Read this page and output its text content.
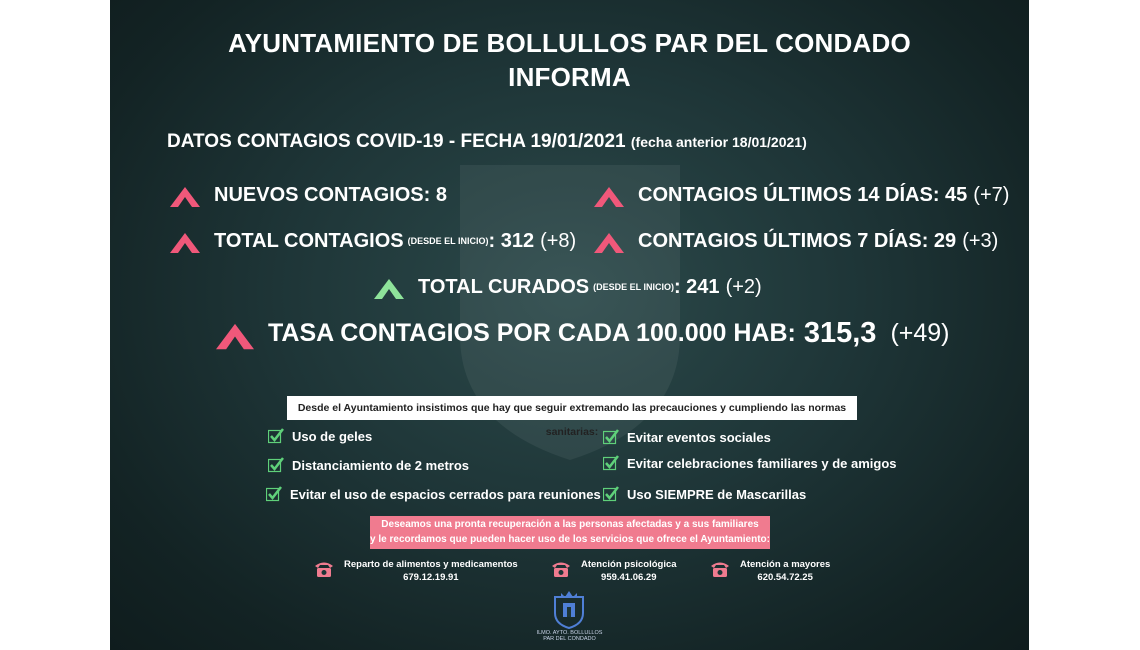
AYUNTAMIENTO DE BOLLULLOS PAR DEL CONDADO
INFORMA
DATOS CONTAGIOS COVID-19 - FECHA 19/01/2021 (fecha anterior 18/01/2021)
NUEVOS CONTAGIOS: 8	CONTAGIOS ÚLTIMOS 14 DÍAS: 45 (+7)
TOTAL CONTAGIOS (DESDE EL INICIO) : 312 (+8)	CONTAGIOS ÚLTIMOS 7 DÍAS: 29 (+3)
TOTAL CURADOS (DESDE EL INICIO) : 241 (+2)
TASA CONTAGIOS POR CADA 100.000 HAB: 315,3 (+49)
Desde el Ayuntamiento insistimos que hay que seguir extremando las precauciones y cumpliendo las normas sanitarias:
Uso de geles
Distanciamiento de 2 metros
Evitar el uso de espacios cerrados para reuniones
Evitar eventos sociales
Evitar celebraciones familiares y de amigos
Uso SIEMPRE de Mascarillas
Deseamos una pronta recuperación a las personas afectadas y a sus familiares
y le recordamos que pueden hacer uso de los servicios que ofrece el Ayuntamiento:
Reparto de alimentos y medicamentos
679.12.19.91
Atención psicológica
959.41.06.29
Atención a mayores
620.54.72.25
ILMO. AYTO. BOLLULLOS
PAR DEL CONDADO
